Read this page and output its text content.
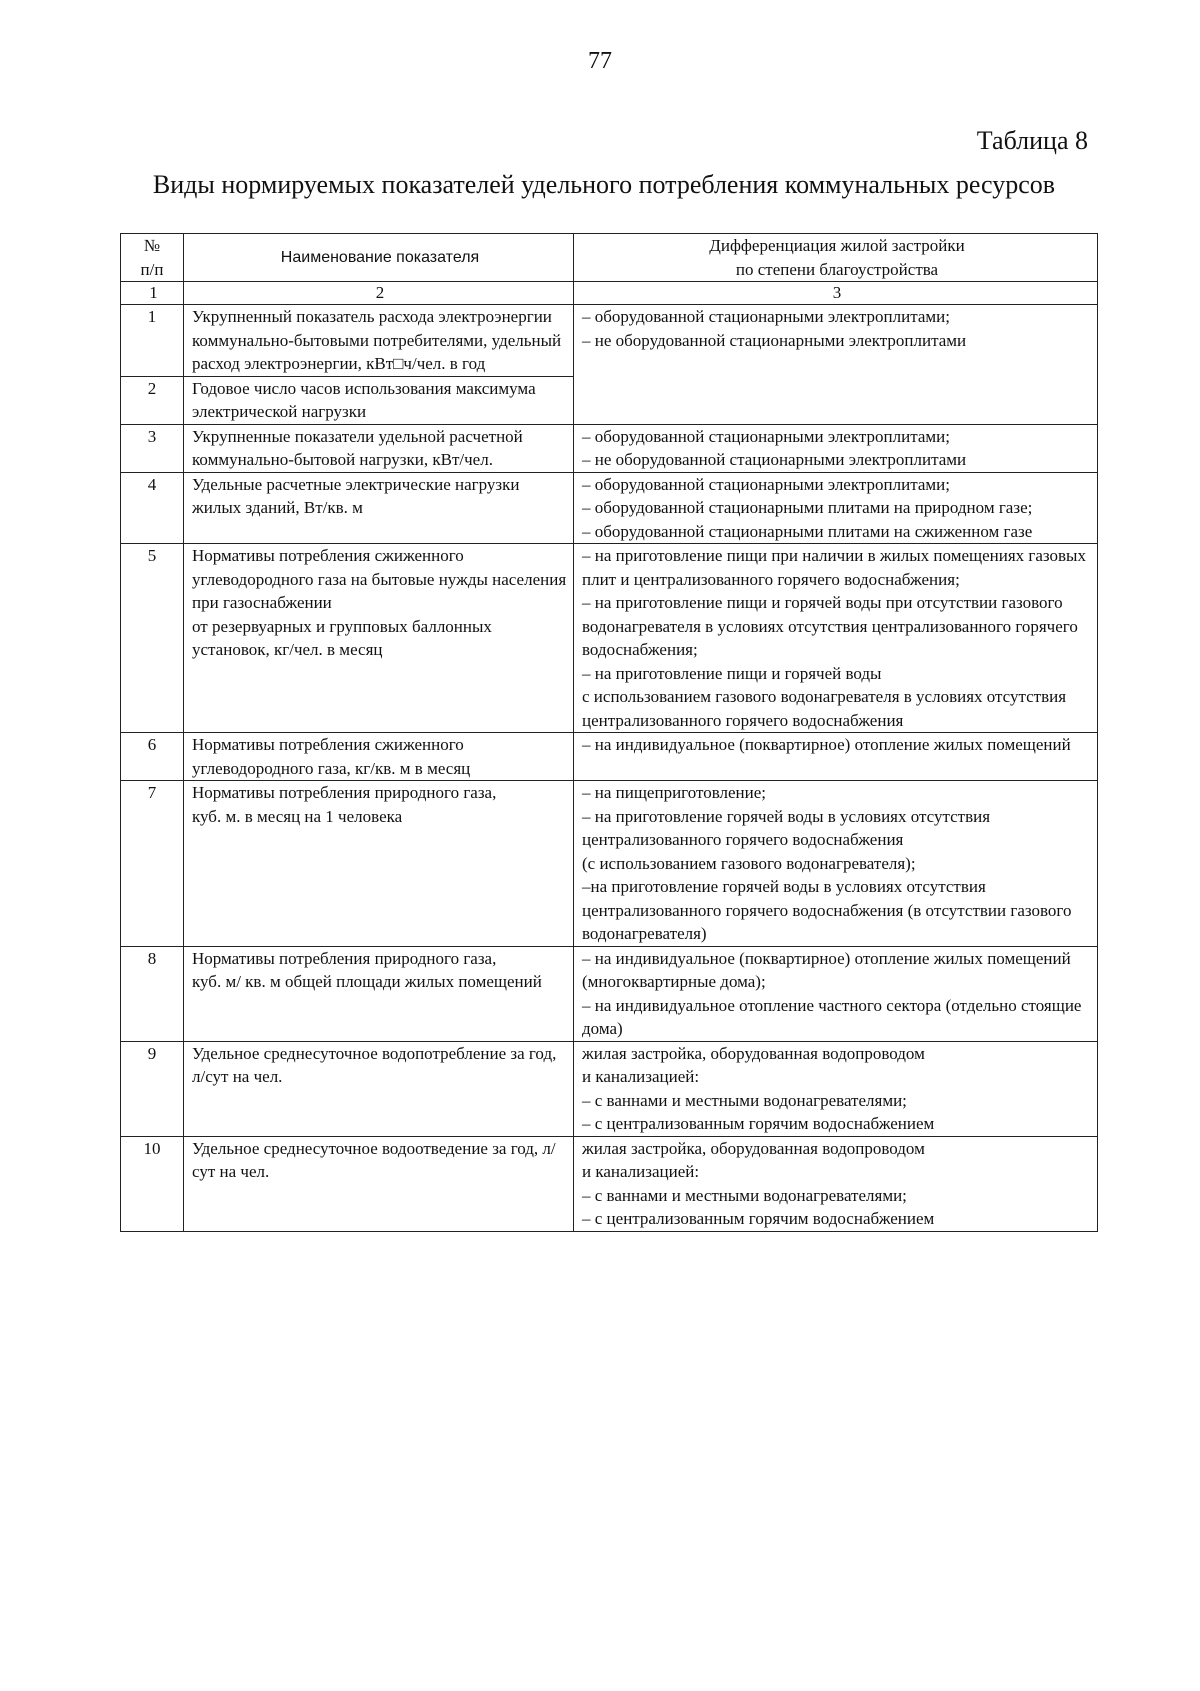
77
Таблица 8
Виды нормируемых показателей удельного потребления коммунальных ресурсов
№
п/п	Наименование показателя	Дифференциация жилой застройки
по степени благоустройства
1	2	3
1	Укрупненный показатель расхода электроэнергии коммунально-бытовыми потребителями, удельный расход электроэнергии, кВт□ч/чел. в год	– оборудованной стационарными электроплитами;
– не оборудованной стационарными электроплитами
2	Годовое число часов использования максимума электрической нагрузки	
3	Укрупненные показатели удельной расчетной коммунально-бытовой нагрузки, кВт/чел.	– оборудованной стационарными электроплитами;
– не оборудованной стационарными электроплитами
4	Удельные расчетные электрические нагрузки жилых зданий, Вт/кв. м	– оборудованной стационарными электроплитами;
– оборудованной стационарными плитами на природном газе;
– оборудованной стационарными плитами на сжиженном газе
5	Нормативы потребления сжиженного углеводородного газа на бытовые нужды населения при газоснабжении
от резервуарных и групповых баллонных установок, кг/чел. в месяц	– на приготовление пищи при наличии в жилых помещениях газовых плит и централизованного горячего водоснабжения;
– на приготовление пищи и горячей воды при отсутствии газового водонагревателя в условиях отсутствия централизованного горячего водоснабжения;
– на приготовление пищи и горячей воды
с использованием газового водонагревателя в условиях отсутствия централизованного горячего водоснабжения
6	Нормативы потребления сжиженного углеводородного газа, кг/кв. м в месяц	– на индивидуальное (поквартирное) отопление жилых помещений
7	Нормативы потребления природного газа,
куб. м. в месяц на 1 человека	– на пищеприготовление;
– на приготовление горячей воды в условиях отсутствия централизованного горячего водоснабжения
(с использованием газового водонагревателя);
–на приготовление горячей воды в условиях отсутствия централизованного горячего водоснабжения (в отсутствии газового водонагревателя)
8	Нормативы потребления природного газа,
куб. м/ кв. м общей площади жилых помещений	– на индивидуальное (поквартирное) отопление жилых помещений (многоквартирные дома);
– на индивидуальное отопление частного сектора (отдельно стоящие дома)
9	Удельное среднесуточное водопотребление за год, л/сут на чел.	жилая застройка, оборудованная водопроводом
и канализацией:
– с ваннами и местными водонагревателями;
– с централизованным горячим водоснабжением
10	Удельное среднесуточное водоотведение за год, л/сут на чел.	жилая застройка, оборудованная водопроводом
и канализацией:
– с ваннами и местными водонагревателями;
– с централизованным горячим водоснабжением
